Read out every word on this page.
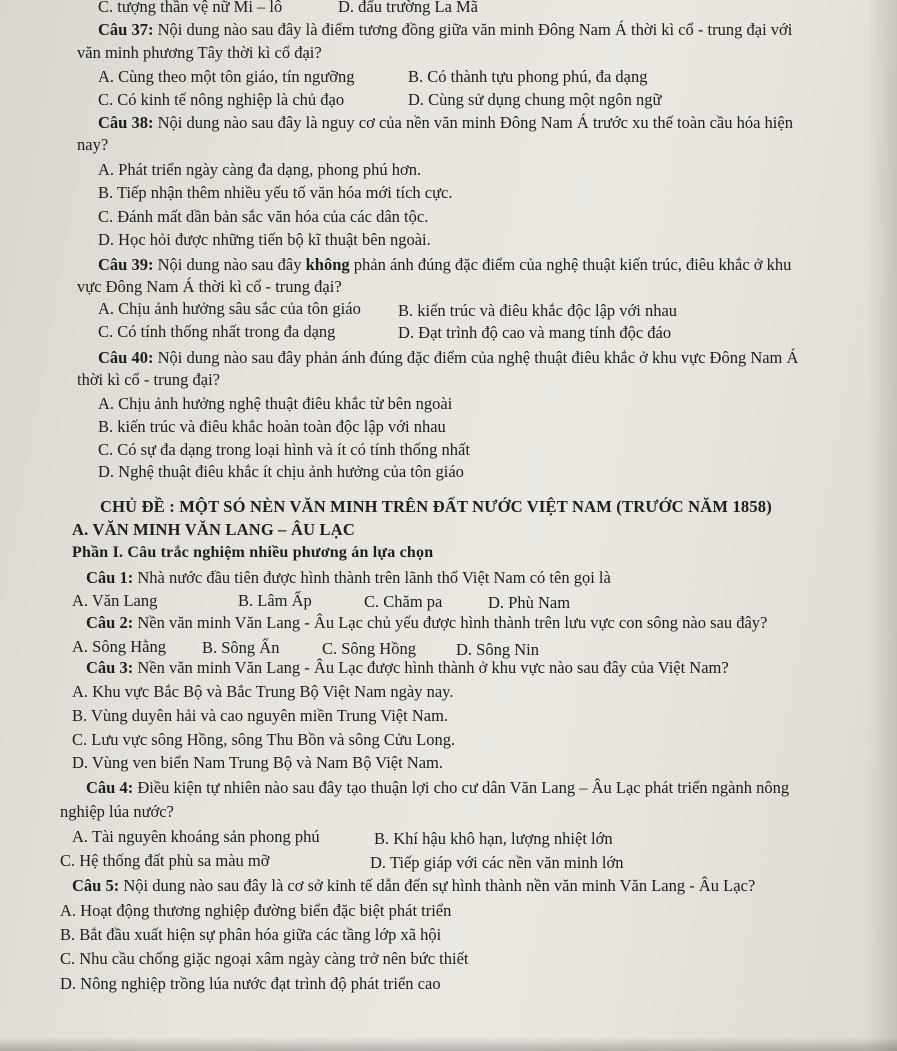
C. tượng thần vệ nữ Mi – lô	D. đấu trường La Mã
Câu 37: Nội dung nào sau đây là điểm tương đồng giữa văn minh Đông Nam Á thời kì cổ - trung đại với
văn minh phương Tây thời kì cổ đại?
A. Cùng theo một tôn giáo, tín ngưỡng	B. Có thành tựu phong phú, đa dạng
C. Có kinh tế nông nghiệp là chủ đạo	D. Cùng sử dụng chung một ngôn ngữ
Câu 38: Nội dung nào sau đây là nguy cơ của nền văn minh Đông Nam Á trước xu thế toàn cầu hóa hiện
nay?
A. Phát triển ngày càng đa dạng, phong phú hơn.
B. Tiếp nhận thêm nhiều yếu tố văn hóa mới tích cực.
C. Đánh mất dần bản sắc văn hóa của các dân tộc.
D. Học hỏi được những tiến bộ kĩ thuật bên ngoài.
Câu 39: Nội dung nào sau đây không phản ánh đúng đặc điểm của nghệ thuật kiến trúc, điêu khắc ở khu
vực Đông Nam Á thời kì cổ - trung đại?
A. Chịu ảnh hưởng sâu sắc của tôn giáo B. kiến trúc và điêu khắc độc lập với nhau
C. Có tính thống nhất trong đa dạng	D. Đạt trình độ cao và mang tính độc đáo
Câu 40: Nội dung nào sau đây phản ánh đúng đặc điểm của nghệ thuật điêu khắc ở khu vực Đông Nam Á
thời kì cổ - trung đại?
A. Chịu ảnh hưởng nghệ thuật điêu khắc từ bên ngoài
B. kiến trúc và điêu khắc hoàn toàn độc lập với nhau
C. Có sự đa dạng trong loại hình và ít có tính thống nhất
D. Nghệ thuật điêu khắc ít chịu ảnh hưởng của tôn giáo
CHỦ ĐỀ : MỘT SÓ NÈN VĂN MINH TRÊN ĐẤT NƯỚC VIỆT NAM (TRƯỚC NĂM 1858)
A. VĂN MINH VĂN LANG – ÂU LẠC
Phần I. Câu trắc nghiệm nhiều phương án lựa chọn
Câu 1: Nhà nước đầu tiên được hình thành trên lãnh thổ Việt Nam có tên gọi là
A. Văn Lang	B. Lâm Ấp	C. Chăm pa	D. Phù Nam
Câu 2: Nền văn minh Văn Lang - Âu Lạc chủ yếu được hình thành trên lưu vực con sông nào sau đây?
A. Sông Hằng B. Sông Ấn	C. Sông Hồng D. Sông Nin
Câu 3: Nền văn minh Văn Lang - Âu Lạc được hình thành ở khu vực nào sau đây của Việt Nam?
A. Khu vực Bắc Bộ và Bắc Trung Bộ Việt Nam ngày nay.
B. Vùng duyên hải và cao nguyên miền Trung Việt Nam.
C. Lưu vực sông Hồng, sông Thu Bồn và sông Cửu Long.
D. Vùng ven biển Nam Trung Bộ và Nam Bộ Việt Nam.
Câu 4: Điều kiện tự nhiên nào sau đây tạo thuận lợi cho cư dân Văn Lang – Âu Lạc phát triển ngành nông
nghiệp lúa nước?
A. Tài nguyên khoáng sản phong phú	B. Khí hậu khô hạn, lượng nhiệt lớn
C. Hệ thống đất phù sa màu mỡ	D. Tiếp giáp với các nền văn minh lớn
Câu 5: Nội dung nào sau đây là cơ sở kinh tế dẫn đến sự hình thành nền văn minh Văn Lang - Âu Lạc?
A. Hoạt động thương nghiệp đường biển đặc biệt phát triển
B. Bắt đầu xuất hiện sự phân hóa giữa các tầng lớp xã hội
C. Nhu cầu chống giặc ngoại xâm ngày càng trở nên bức thiết
D. Nông nghiệp trồng lúa nước đạt trình độ phát triển cao
